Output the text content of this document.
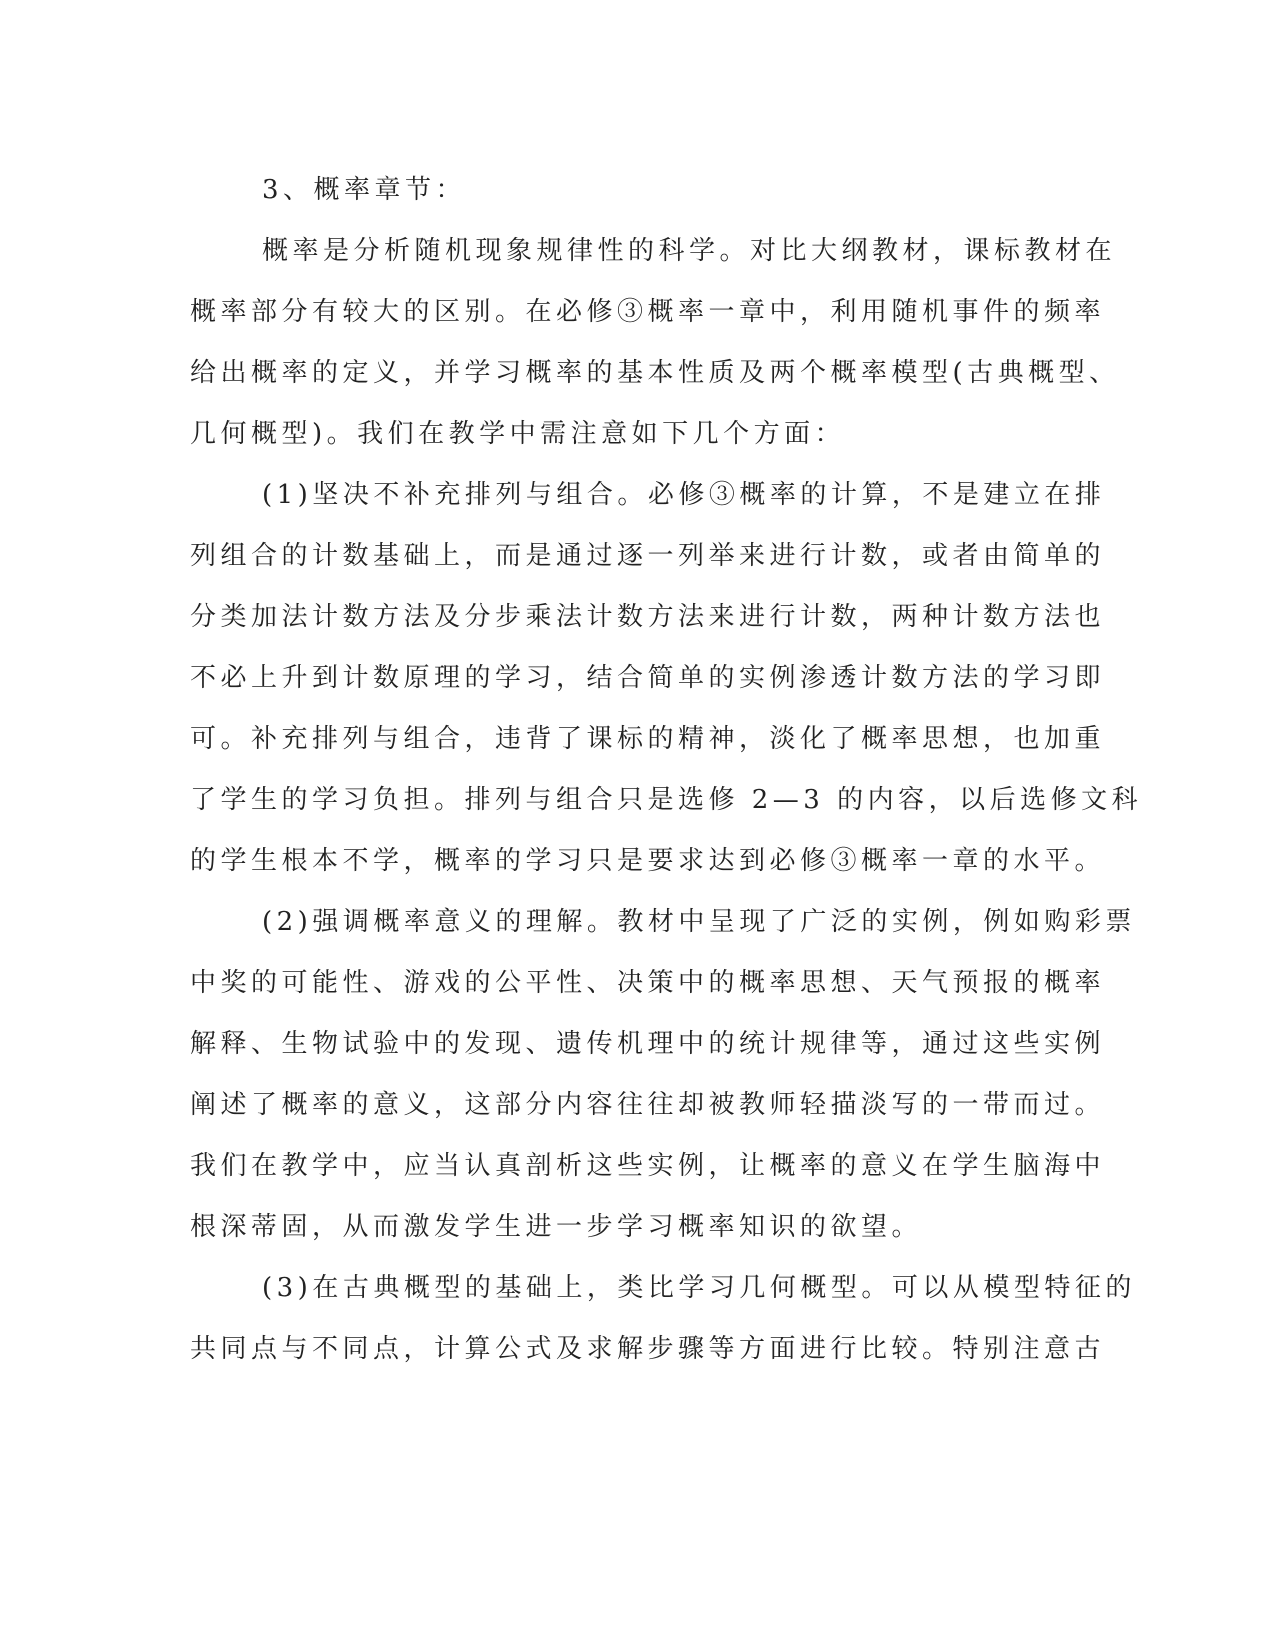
3、概率章节：
概率是分析随机现象规律性的科学。对比大纲教材，课标教材在
概率部分有较大的区别。在必修③概率一章中，利用随机事件的频率
给出概率的定义，并学习概率的基本性质及两个概率模型(古典概型、
几何概型)。我们在教学中需注意如下几个方面：
(1)坚决不补充排列与组合。必修③概率的计算，不是建立在排
列组合的计数基础上，而是通过逐一列举来进行计数，或者由简单的
分类加法计数方法及分步乘法计数方法来进行计数，两种计数方法也
不必上升到计数原理的学习，结合简单的实例渗透计数方法的学习即
可。补充排列与组合，违背了课标的精神，淡化了概率思想，也加重
了学生的学习负担。排列与组合只是选修 2—3 的内容，以后选修文科
的学生根本不学，概率的学习只是要求达到必修③概率一章的水平。
(2)强调概率意义的理解。教材中呈现了广泛的实例，例如购彩票
中奖的可能性、游戏的公平性、决策中的概率思想、天气预报的概率
解释、生物试验中的发现、遗传机理中的统计规律等，通过这些实例
阐述了概率的意义，这部分内容往往却被教师轻描淡写的一带而过。
我们在教学中，应当认真剖析这些实例，让概率的意义在学生脑海中
根深蒂固，从而激发学生进一步学习概率知识的欲望。
(3)在古典概型的基础上，类比学习几何概型。可以从模型特征的
共同点与不同点，计算公式及求解步骤等方面进行比较。特别注意古
